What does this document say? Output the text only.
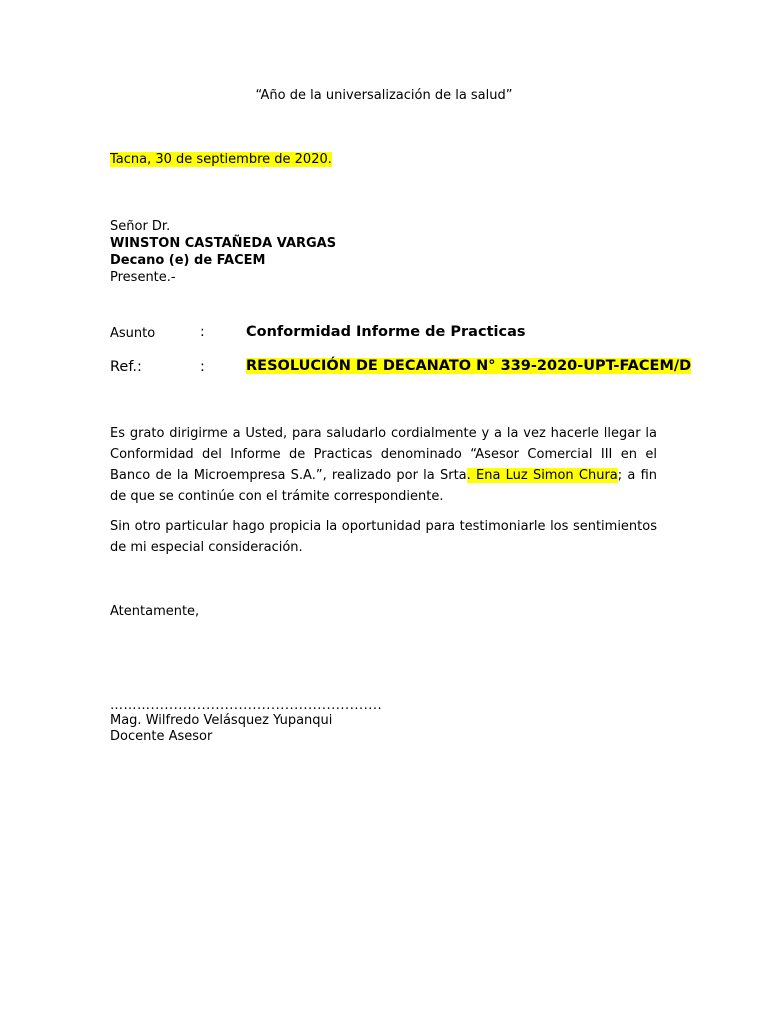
“Año de la universalización de la salud”
Tacna, 30 de septiembre de 2020.
Señor Dr.
WINSTON CASTAÑEDA VARGAS
Decano (e) de FACEM
Presente.-
Asunto	:	Conformidad Informe de Practicas
Ref.:	:	RESOLUCIÓN DE DECANATO N° 339-2020-UPT-FACEM/D
Es grato dirigirme a Usted, para saludarlo cordialmente y a la vez hacerle llegar la Conformidad del Informe de Practicas denominado “Asesor Comercial III en el Banco de la Microempresa S.A.”, realizado por la Srta. Ena Luz Simon Chura; a fin de que se continúe con el trámite correspondiente.
Sin otro particular hago propicia la oportunidad para testimoniarle los sentimientos de mi especial consideración.
Atentamente,
………..................................................
Mag. Wilfredo Velásquez Yupanqui
Docente Asesor
